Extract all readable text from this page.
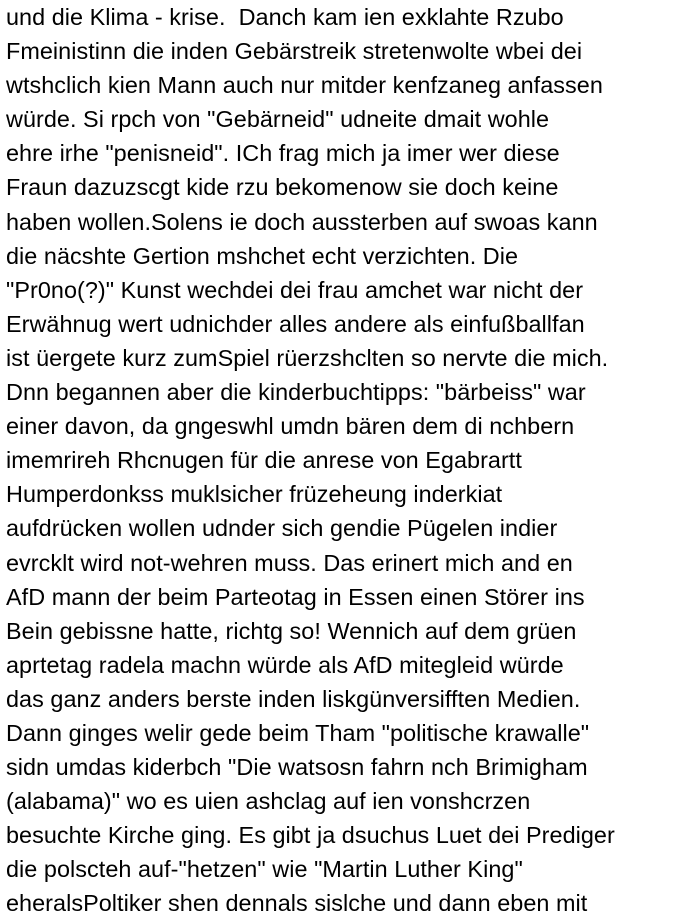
und die Klima - krise.  Danch kam ien exklahte Rzubo
Fmeinistinn die inden Gebärstreik stretenwolte wbei dei
wtshclich kien Mann auch nur mitder kenfzaneg anfassen
würde. Si rpch von "Gebärneid" udneite dmait wohle
ehre irhe "penisneid". ICh frag mich ja imer wer diese
Fraun dazuzscgt kide rzu bekomenow sie doch keine
haben wollen.Solens ie doch aussterben auf swoas kann
die näcshte Gertion mshchet echt verzichten. Die
"Pr0no(?)" Kunst wechdei dei frau amchet war nicht der
Erwähnug wert udnichder alles andere als einfußballfan
ist üergete kurz zumSpiel rüerzshclten so nervte die mich.
Dnn begannen aber die kinderbuchtipps: "bärbeiss" war
einer davon, da gngeswhl umdn bären dem di nchbern
imemrireh Rhcnugen für die anrese von Egabrartt
Humperdonkss muklsicher früzeheung inderkiat
aufdrücken wollen udnder sich gendie Pügelen indier
evrcklt wird not-wehren muss. Das erinert mich and en
AfD mann der beim Parteotag in Essen einen Störer ins
Bein gebissne hatte, richtg so! Wennich auf dem grüen
aprtetag radela machn würde als AfD mitegleid würde
das ganz anders berste inden liskgünversifften Medien.
Dann ginges welir gede beim Tham "politische krawalle"
sidn umdas kiderbch "Die watsosn fahrn nch Brimigham
(alabama)" wo es uien ashclag auf ien vonshcrzen
besuchte Kirche ging. Es gibt ja dsuchus Luet dei Prediger
die polscteh auf-"hetzen" wie "Martin Luther King"
eheralsPoltiker shen dennals sislche und dann eben mit
